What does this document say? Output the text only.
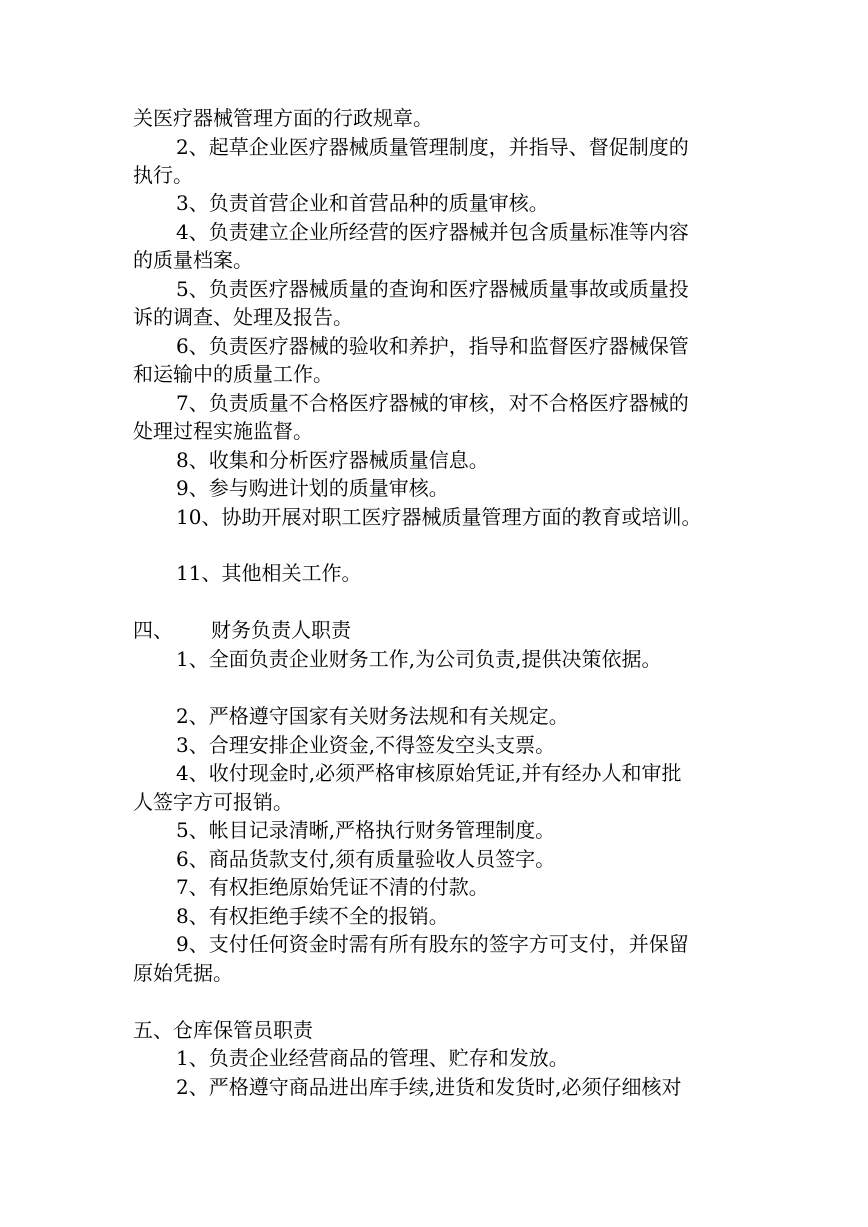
关医疗器械管理方面的行政规章。
2、起草企业医疗器械质量管理制度，并指导、督促制度的
执行。
3、负责首营企业和首营品种的质量审核。
4、负责建立企业所经营的医疗器械并包含质量标准等内容
的质量档案。
5、负责医疗器械质量的查询和医疗器械质量事故或质量投
诉的调查、处理及报告。
6、负责医疗器械的验收和养护，指导和监督医疗器械保管
和运输中的质量工作。
7、负责质量不合格医疗器械的审核，对不合格医疗器械的
处理过程实施监督。
8、收集和分析医疗器械质量信息。
9、参与购进计划的质量审核。
10、协助开展对职工医疗器械质量管理方面的教育或培训。
11、其他相关工作。
四、 财务负责人职责
1、全面负责企业财务工作,为公司负责,提供决策依据。
2、严格遵守国家有关财务法规和有关规定。
3、合理安排企业资金,不得签发空头支票。
4、收付现金时,必须严格审核原始凭证,并有经办人和审批
人签字方可报销。
5、帐目记录清晰,严格执行财务管理制度。
6、商品货款支付,须有质量验收人员签字。
7、有权拒绝原始凭证不清的付款。
8、有权拒绝手续不全的报销。
9、支付任何资金时需有所有股东的签字方可支付，并保留
原始凭据。
五、仓库保管员职责
1、负责企业经营商品的管理、贮存和发放。
2、严格遵守商品进出库手续,进货和发货时,必须仔细核对
